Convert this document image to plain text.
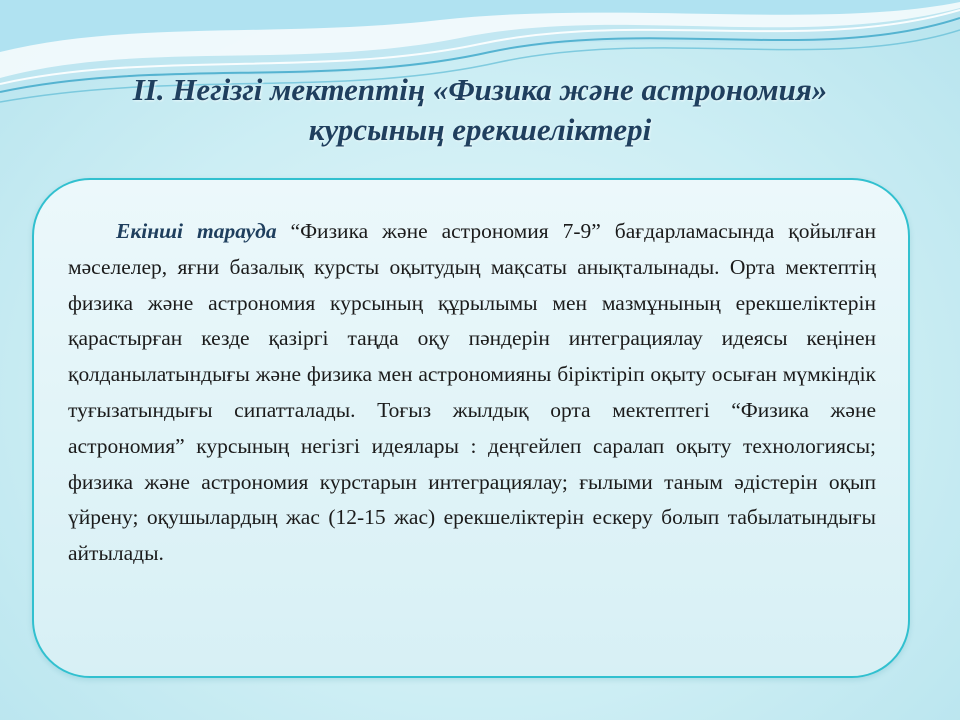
ІІ. Негізгі мектептің «Физика және астрономия»
курсының ерекшеліктері
Екінші тарауда “Физика және астрономия 7-9” бағдарламасында қойылған мәселелер, яғни базалық курсты оқытудың мақсаты анықталынады. Орта мектептің физика және астрономия курсының құрылымы мен мазмұнының ерекшеліктерін қарастырған кезде қазіргі таңда оқу пәндерін интеграциялау идеясы кеңінен қолданылатындығы және физика мен астрономияны біріктіріп оқыту осыған мүмкіндік туғызатындығы сипатталады. Тоғыз жылдық орта мектептегі “Физика және астрономия” курсының негізгі идеялары : деңгейлеп саралап оқыту технологиясы; физика және астрономия курстарын интеграциялау; ғылыми таным әдістерін оқып үйрену; оқушылардың жас (12-15 жас) ерекшеліктерін ескеру болып табылатындығы айтылады.
